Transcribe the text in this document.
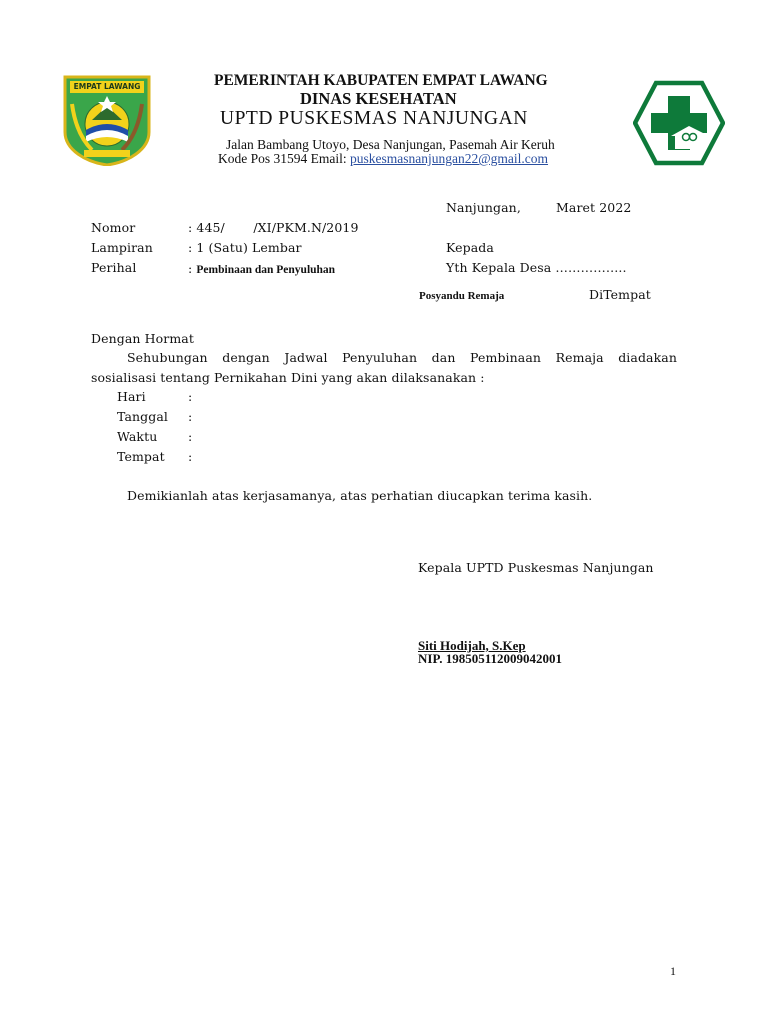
EMPAT LAWANG	PEMERINTAH KABUPATEN EMPAT LAWANG
DINAS KESEHATAN
UPTD PUSKESMAS NANJUNGAN
Jalan Bambang Utoyo, Desa Nanjungan, Pasemah Air Keruh
Kode Pos 31594 Email: puskesmasnanjungan22@gmail.com
Nanjungan,	Maret 2022
Nomor	: 445/       /XI/PKM.N/2019
Lampiran	: 1 (Satu) Lembar
Perihal	: Pembinaan dan Penyuluhan
Posyandu Remaja
Kepada
Yth Kepala Desa ……………..
DiTempat
Dengan Hormat
Sehubungan dengan Jadwal Penyuluhan dan Pembinaan Remaja diadakan
sosialisasi tentang Pernikahan Dini yang akan dilaksanakan :
Hari	:
Tanggal :
Waktu :
Tempat :
Demikianlah atas kerjasamanya, atas perhatian diucapkan terima kasih.
Kepala UPTD Puskesmas Nanjungan
Siti Hodijah, S.Kep
NIP. 198505112009042001
1
